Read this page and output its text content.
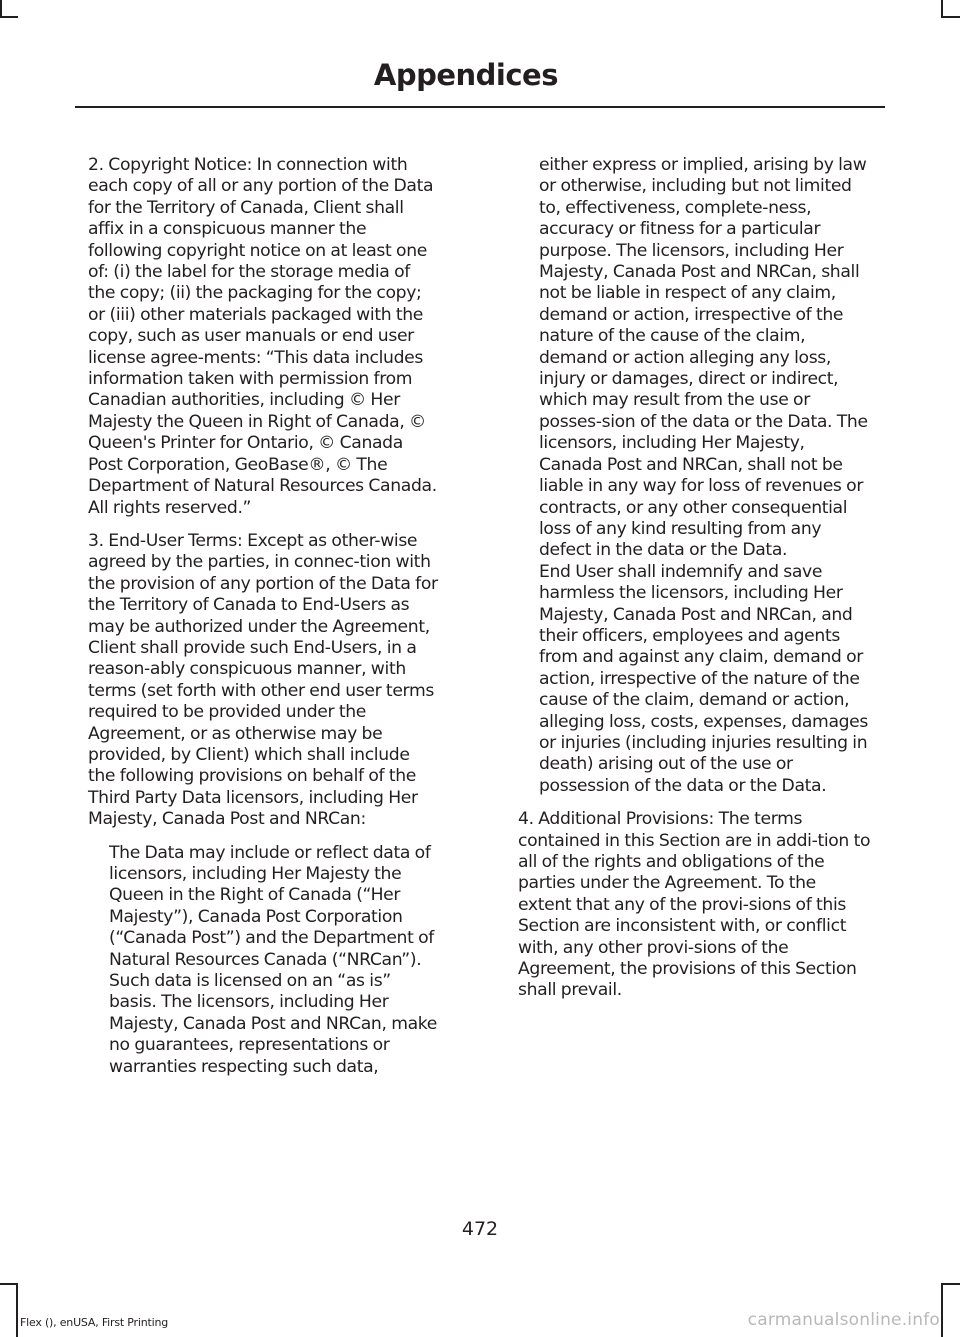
Appendices

2. Copyright Notice: In connection with each copy of all or any portion of the Data for the Territory of Canada, Client shall affix in a conspicuous manner the following copyright notice on at least one of: (i) the label for the storage media of the copy; (ii) the packaging for the copy; or (iii) other materials packaged with the copy, such as user manuals or end user license agree-ments: “This data includes information taken with permission from Canadian authorities, including © Her Majesty the Queen in Right of Canada, © Queen's Printer for Ontario, © Canada Post Corporation, GeoBase®, © The Department of Natural Resources Canada. All rights reserved.”

3. End-User Terms: Except as other-wise agreed by the parties, in connec-tion with the provision of any portion of the Data for the Territory of Canada to End-Users as may be authorized under the Agreement, Client shall provide such End-Users, in a reason-ably conspicuous manner, with terms (set forth with other end user terms required to be provided under the Agreement, or as otherwise may be provided, by Client) which shall include the following provisions on behalf of the Third Party Data licensors, including Her Majesty, Canada Post and NRCan:

The Data may include or reflect data of licensors, including Her Majesty the Queen in the Right of Canada (“Her Majesty”), Canada Post Corporation (“Canada Post”) and the Department of Natural Resources Canada (“NRCan”). Such data is licensed on an “as is” basis. The licensors, including Her Majesty, Canada Post and NRCan, make no guarantees, representations or warranties respecting such data,

either express or implied, arising by law or otherwise, including but not limited to, effectiveness, complete-ness, accuracy or fitness for a particular purpose. The licensors, including Her Majesty, Canada Post and NRCan, shall not be liable in respect of any claim, demand or action, irrespective of the nature of the cause of the claim, demand or action alleging any loss, injury or damages, direct or indirect, which may result from the use or posses-sion of the data or the Data. The licensors, including Her Majesty, Canada Post and NRCan, shall not be liable in any way for loss of revenues or contracts, or any other consequential loss of any kind resulting from any defect in the data or the Data.

End User shall indemnify and save harmless the licensors, including Her Majesty, Canada Post and NRCan, and their officers, employees and agents from and against any claim, demand or action, irrespective of the nature of the cause of the claim, demand or action, alleging loss, costs, expenses, damages or injuries (including injuries resulting in death) arising out of the use or possession of the data or the Data.

4. Additional Provisions: The terms contained in this Section are in addi-tion to all of the rights and obligations of the parties under the Agreement. To the extent that any of the provi-sions of this Section are inconsistent with, or conflict with, any other provi-sions of the Agreement, the provisions of this Section shall prevail.

472
Flex (), enUSA, First Printing	carmanualsonline.info
